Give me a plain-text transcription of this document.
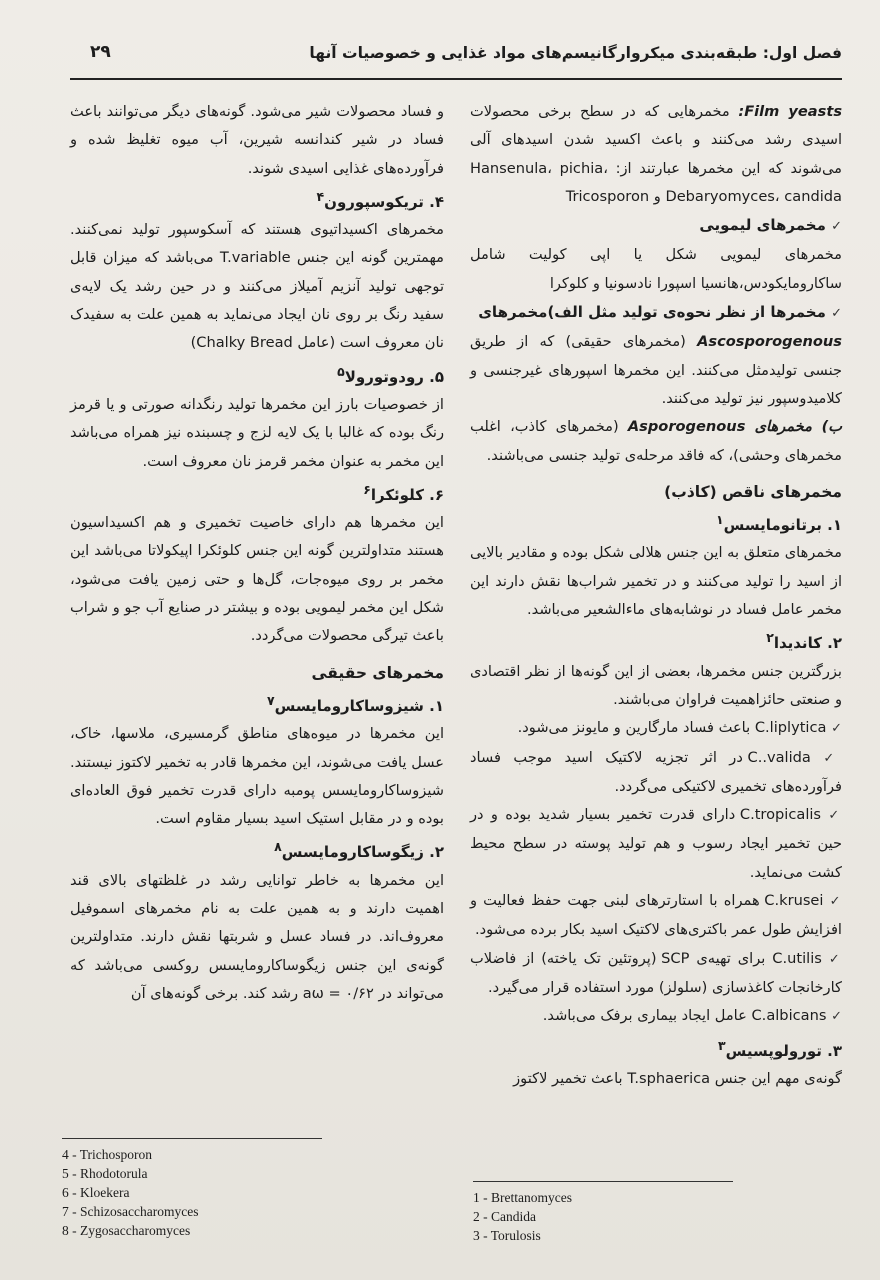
فصل اول: طبقه‌بندی میکروارگانیسم‌های مواد غذایی و خصوصیات آنها
۲۹

Film yeasts: مخمرهایی که در سطح برخی محصولات اسیدی رشد می‌کنند و باعث اکسید شدن اسیدهای آلی می‌شوند که این مخمرها عبارتند از: Hansenula، pichia، Debaryomyces، candida و Tricosporon

✓ مخمرهای لیمویی

مخمرهای لیمویی شکل یا اپی کولیت شامل ساکارومایکودس،هانسیا اسپورا نادسونیا و کلوکرا

✓ مخمرها از نظر نحوه‌ی تولید مثل الف)مخمرهای

Ascosporogenous (مخمرهای حقیقی) که از طریق جنسی تولیدمثل می‌کنند. این مخمرها اسپورهای غیرجنسی و کلامیدوسپور نیز تولید می‌کنند.

ب) مخمرهای Asporogenous (مخمرهای کاذب، اغلب مخمرهای وحشی)، که فاقد مرحله‌ی تولید جنسی می‌باشند.

مخمرهای ناقص (کاذب)

۱. برتانومایسس$^۱$

مخمرهای متعلق به این جنس هلالی شکل بوده و مقادیر بالایی از اسید را تولید می‌کنند و در تخمیر شراب‌ها نقش دارند این مخمر عامل فساد در نوشابه‌های ماءالشعیر می‌باشد.

۲. کاندیدا$^۲$

بزرگترین جنس مخمرها، بعضی از این گونه‌ها از نظر اقتصادی و صنعتی حائزاهمیت فراوان می‌باشند.

✓ C.liplytica باعث فساد مارگارین و مایونز می‌شود.

✓ C..valida در اثر تجزیه لاکتیک اسید موجب فساد فرآورده‌های تخمیری لاکتیکی می‌گردد.

✓ C.tropicalis دارای قدرت تخمیر بسیار شدید بوده و در حین تخمیر ایجاد رسوب و هم تولید پوسته در سطح محیط کشت می‌نماید.

✓ C.krusei همراه با استارترهای لبنی جهت حفظ فعالیت و افزایش طول عمر باکتری‌های لاکتیک اسید بکار برده می‌شود.

✓ C.utilis برای تهیه‌ی SCP (پروتئین تک یاخته) از فاضلاب کارخانجات کاغذسازی (سلولز) مورد استفاده قرار می‌گیرد.

✓ C.albicans عامل ایجاد بیماری برفک می‌باشد.

۳. تورولوپسیس$^۳$

گونه‌ی مهم این جنس T.sphaerica باعث تخمیر لاکتوز

و فساد محصولات شیر می‌شود. گونه‌های دیگر می‌توانند باعث فساد در شیر کندانسه شیرین، آب میوه تغلیظ شده و فرآورده‌های غذایی اسیدی شوند.

۴. تریکوسپورون$^۴$

مخمرهای اکسیداتیوی هستند که آسکوسپور تولید نمی‌کنند. مهمترین گونه این جنس T.variable می‌باشد که میزان قابل توجهی تولید آنزیم آمیلاز می‌کنند و در حین رشد یک لایه‌ی سفید رنگ بر روی نان ایجاد می‌نماید به همین علت به سفیدک نان معروف است (عامل Chalky Bread)

۵. رودوتورولا$^۵$

از خصوصیات بارز این مخمرها تولید رنگدانه صورتی و یا قرمز رنگ بوده که غالبا با یک لایه لزج و چسبنده نیز همراه می‌باشد این مخمر به عنوان مخمر قرمز نان معروف است.

۶. کلوئکرا$^۶$

این مخمرها هم دارای خاصیت تخمیری و هم اکسیداسیون هستند متداولترین گونه این جنس کلوئکرا اپیکولاتا می‌باشد این مخمر بر روی میوه‌جات، گل‌ها و حتی زمین یافت می‌شود، شکل این مخمر لیمویی بوده و بیشتر در صنایع آب جو و شراب باعث تیرگی محصولات می‌گردد.

مخمرهای حقیقی

۱. شیزوساکارومایسس$^۷$

این مخمرها در میوه‌های مناطق گرمسیری، ملاسها، خاک، عسل یافت می‌شوند، این مخمرها قادر به تخمیر لاکتوز نیستند. شیزوساکارومایسس پومبه دارای قدرت تخمیر فوق العاده‌ای بوده و در مقابل استیک اسید بسیار مقاوم است.

۲. زیگوساکارومایسس$^۸$

این مخمرها به خاطر توانایی رشد در غلظتهای بالای قند اهمیت دارند و به همین علت به نام مخمرهای اسموفیل معروف‌اند. در فساد عسل و شربتها نقش دارند. متداولترین گونه‌ی این جنس زیگوساکارومایسس روکسی می‌باشد که می‌تواند در ۰/۶۲ = aω رشد کند. برخی گونه‌های آن

4 - Trichosporon
5 - Rhodotorula
6 - Kloekera
7 - Schizosaccharomyces
8 - Zygosaccharomyces
1 - Brettanomyces
2 - Candida
3 - Torulosis
